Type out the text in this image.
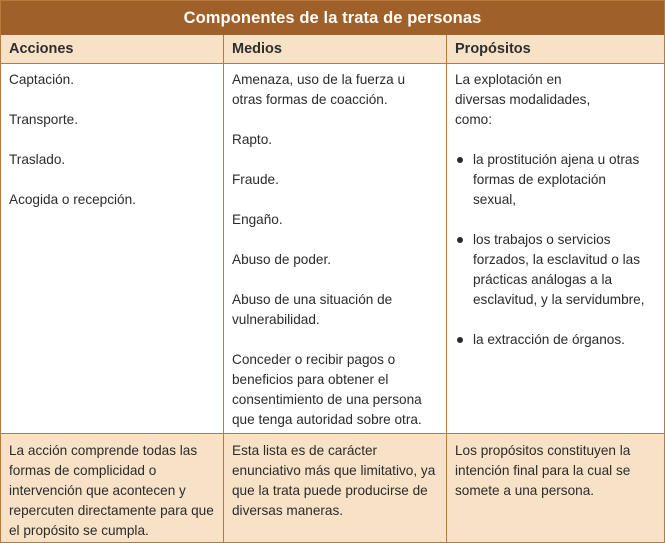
Componentes de la trata de personas
Acciones	Medios	Propósitos

Captación.

Transporte.

Traslado.

Acogida o recepción.

Amenaza, uso de la fuerza u otras formas de coacción.

Rapto.

Fraude.

Engaño.

Abuso de poder.

Abuso de una situación de vulnerabilidad.

Conceder o recibir pagos o beneficios para obtener el consentimiento de una persona que tenga autoridad sobre otra.

La explotación en diversas modalidades, como:
la prostitución ajena u otras formas de explotación sexual,
los trabajos o servicios forzados, la esclavitud o las prácticas análogas a la esclavitud, y la servidumbre,
la extracción de órganos.
La acción comprende todas las formas de complicidad o intervención que acontecen y repercuten directamente para que el propósito se cumpla.
Esta lista es de carácter enunciativo más que limitativo, ya que la trata puede producirse de diversas maneras.
Los propósitos constituyen la intención final para la cual se somete a una persona.
